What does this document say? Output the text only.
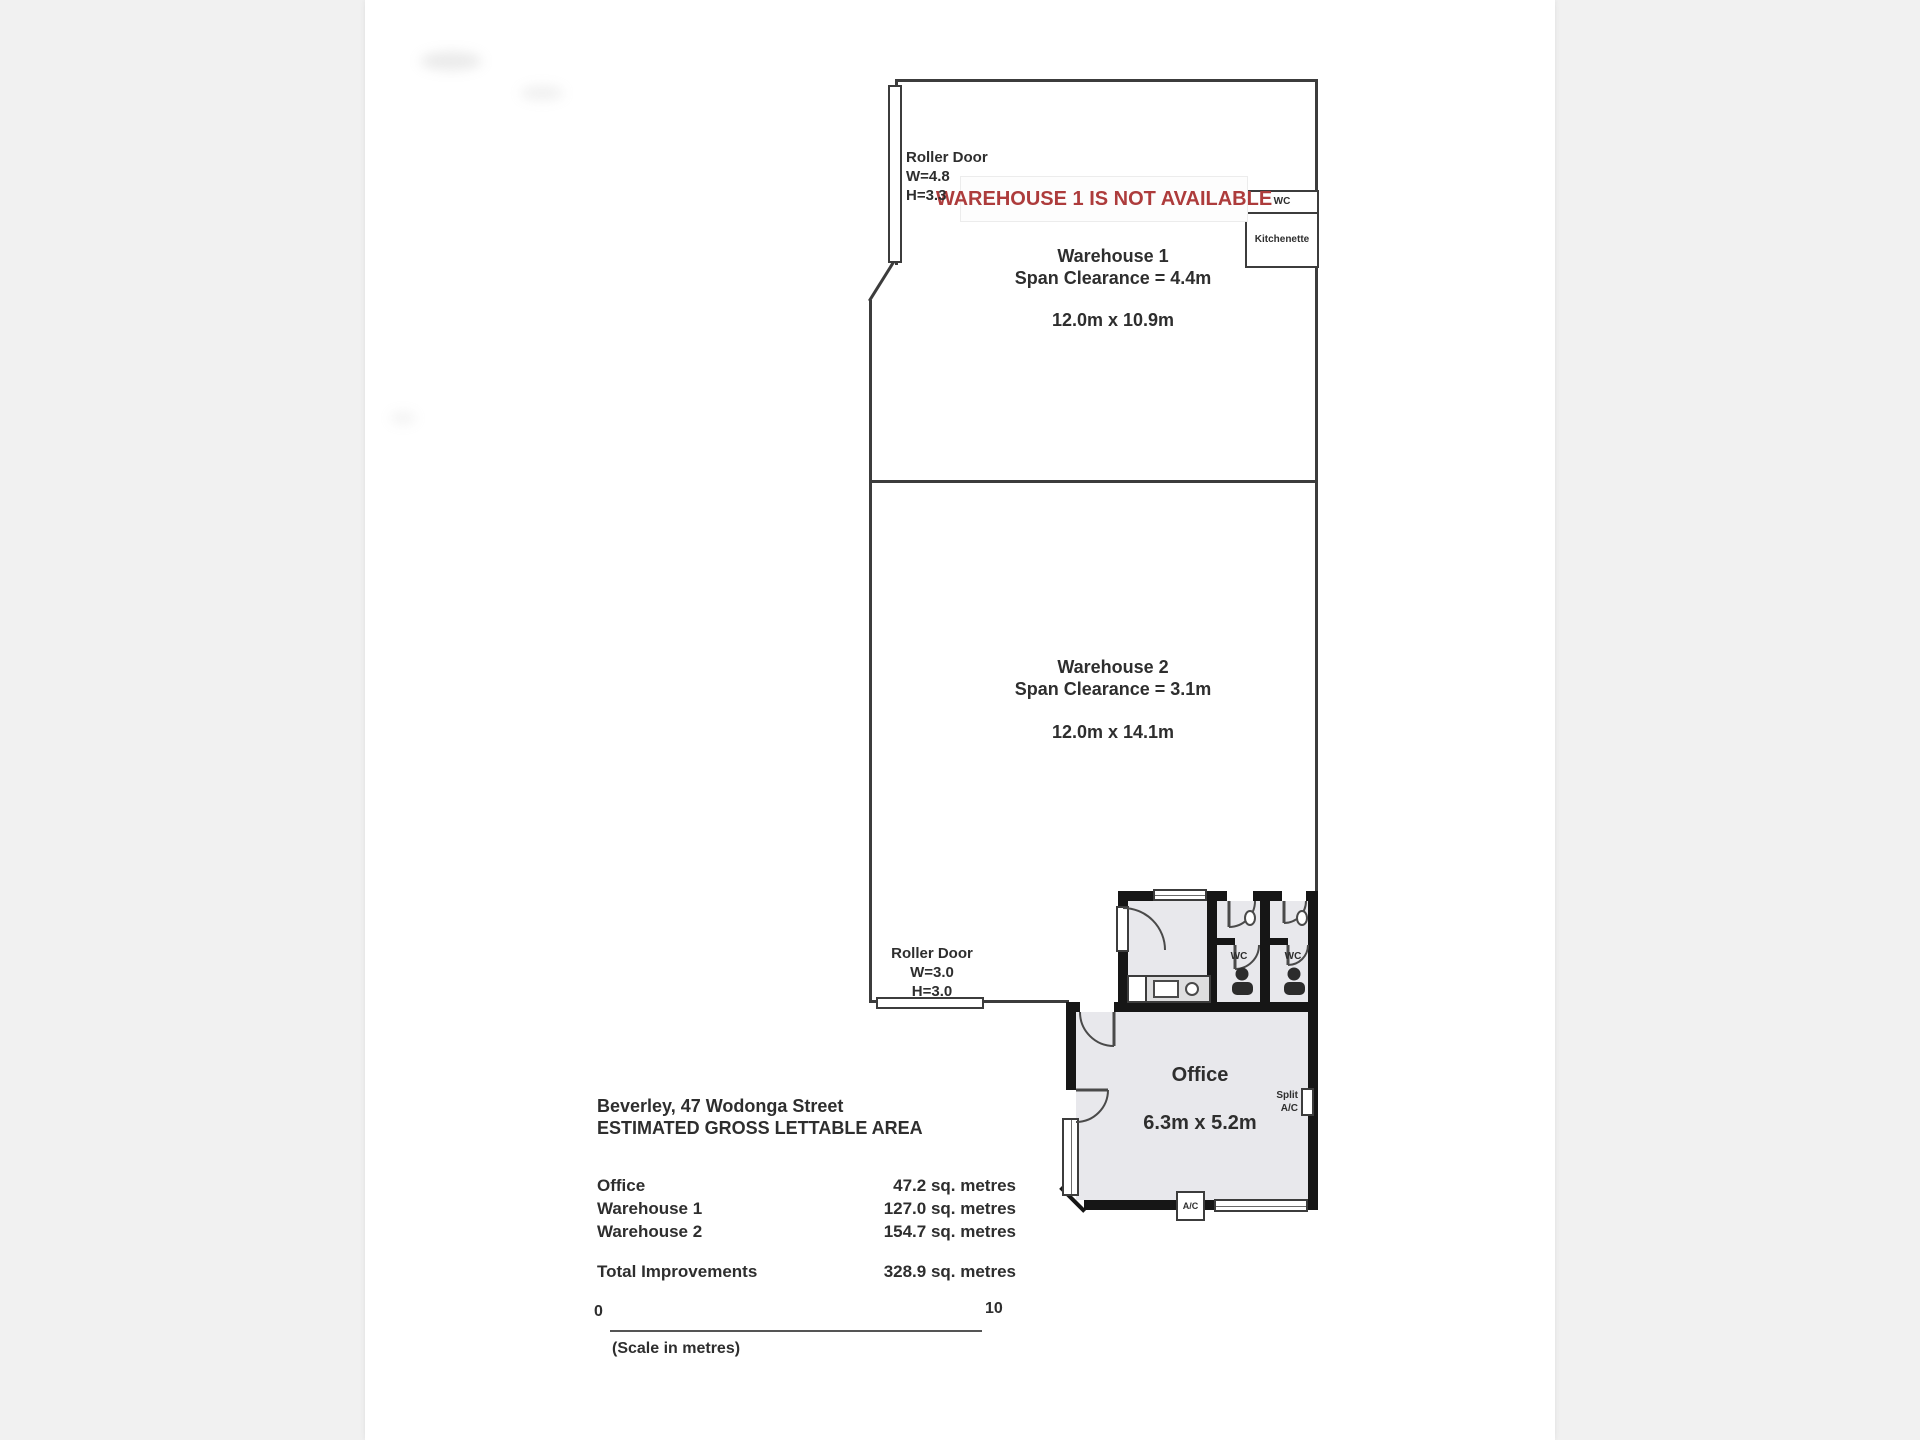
A/C
WC
Kitchenette
WAREHOUSE 1 IS NOT AVAILABLE
Roller Door
W=4.8
H=3.3
Warehouse 1
Span Clearance = 4.4m
12.0m x 10.9m
Warehouse 2
Span Clearance = 3.1m
12.0m x 14.1m
Roller Door
W=3.0
H=3.0
WC	WC
Office
6.3m x 5.2m
Split
A/C
Beverley, 47 Wodonga Street
ESTIMATED GROSS LETTABLE AREA
Office	47.2 sq. metres
Warehouse 1	127.0 sq. metres
Warehouse 2	154.7 sq. metres
Total Improvements	328.9 sq. metres
0	10
(Scale in metres)
